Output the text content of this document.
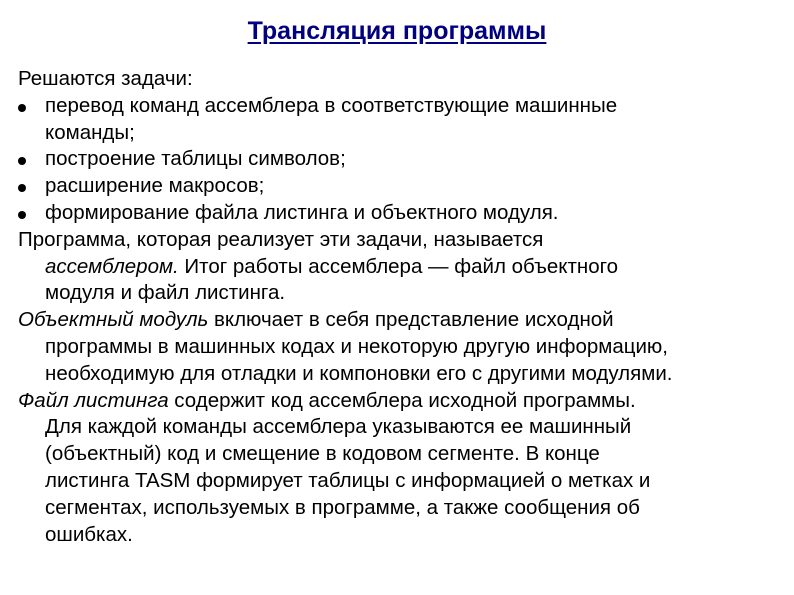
Трансляция программы
Решаются задачи:
перевод команд ассемблера в соответствующие машинные
команды;
построение таблицы символов;
расширение макросов;
формирование файла листинга и объектного модуля.
Программа, которая реализует эти задачи, называется
ассемблером. Итог работы ассемблера — файл объектного
модуля и файл листинга.
Объектный модуль включает в себя представление исходной
программы в машинных кодах и некоторую другую информацию,
необходимую для отладки и компоновки его с другими модулями.
Файл листинга содержит код ассемблера исходной программы.
Для каждой команды ассемблера указываются ее машинный
(объектный) код и смещение в кодовом сегменте. В конце
листинга TASM формирует таблицы с информацией о метках и
сегментах, используемых в программе, а также сообщения об
ошибках.
